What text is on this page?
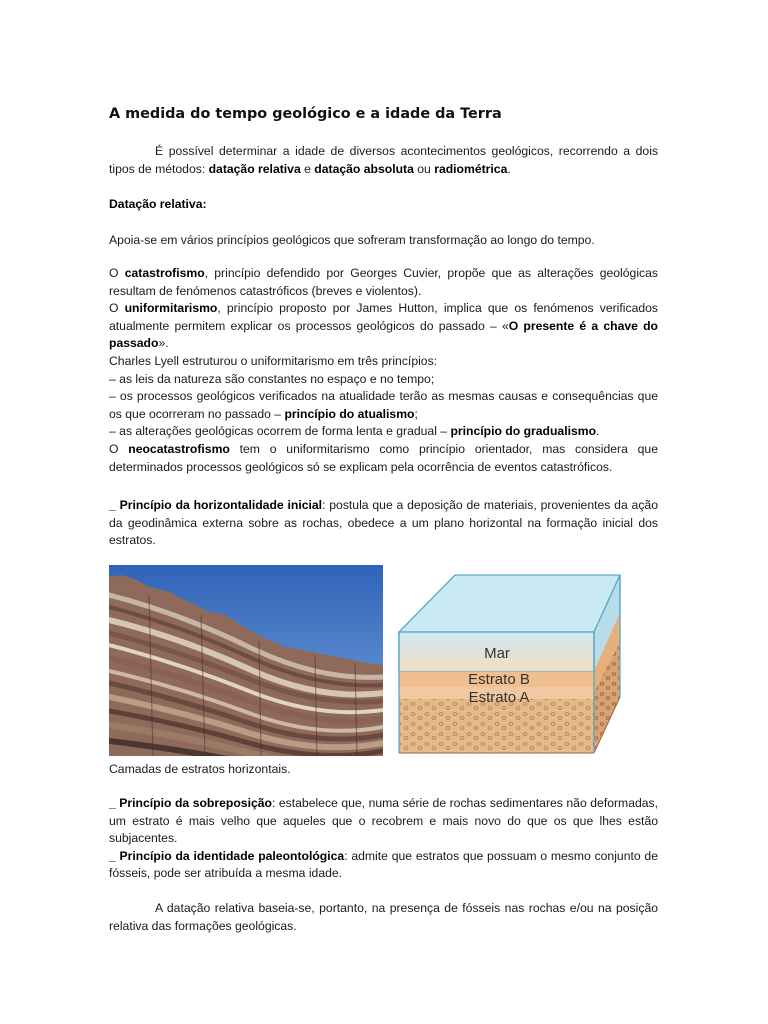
A medida do tempo geológico e a idade da Terra

É possível determinar a idade de diversos acontecimentos geológicos, recorrendo a dois tipos de métodos: datação relativa e datação absoluta ou radiométrica.

Datação relativa:

Apoia-se em vários princípios geológicos que sofreram transformação ao longo do tempo.

O catastrofismo, princípio defendido por Georges Cuvier, propõe que as alterações geológicas resultam de fenómenos catastróficos (breves e violentos).

O uniformitarismo, princípio proposto por James Hutton, implica que os fenómenos verificados atualmente permitem explicar os processos geológicos do passado – «O presente é a chave do passado».

Charles Lyell estruturou o uniformitarismo em três princípios:

– as leis da natureza são constantes no espaço e no tempo;

– os processos geológicos verificados na atualidade terão as mesmas causas e consequências que os que ocorreram no passado – princípio do atualismo;

– as alterações geológicas ocorrem de forma lenta e gradual – princípio do gradualismo.

O neocatastrofismo tem o uniformitarismo como princípio orientador, mas considera que determinados processos geológicos só se explicam pela ocorrência de eventos catastróficos.

_ Princípio da horizontalidade inicial: postula que a deposição de materiais, provenientes da ação da geodinâmica externa sobre as rochas, obedece a um plano horizontal na formação inicial dos estratos.

Mar
Estrato B
Estrato A

Camadas de estratos horizontais.

_ Princípio da sobreposição: estabelece que, numa série de rochas sedimentares não deformadas, um estrato é mais velho que aqueles que o recobrem e mais novo do que os que lhes estão subjacentes.

_ Princípio da identidade paleontológica: admite que estratos que possuam o mesmo conjunto de fósseis, pode ser atribuída a mesma idade.

A datação relativa baseia-se, portanto, na presença de fósseis nas rochas e/ou na posição relativa das formações geológicas.
